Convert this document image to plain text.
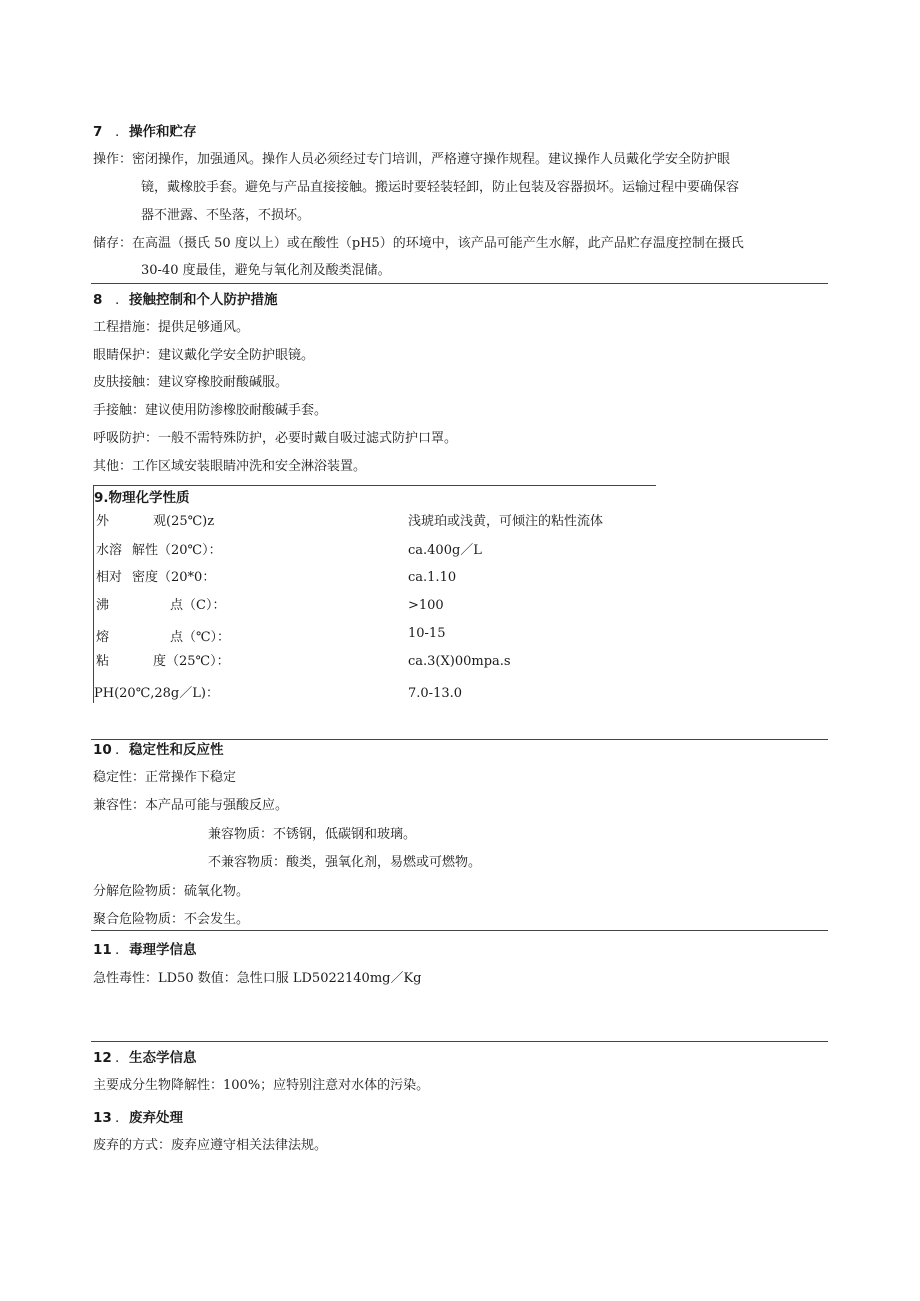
7 . 操作和贮存
操作：密闭操作，加强通风。操作人员必须经过专门培训，严格遵守操作规程。建议操作人员戴化学安全防护眼
镜，戴橡胶手套。避免与产品直接接触。搬运时要轻装轻卸，防止包装及容器损坏。运输过程中要确保容
器不泄露、不坠落，不损坏。
储存：在高温（摄氏 50 度以上）或在酸性（pH5）的环境中，该产品可能产生水解，此产品贮存温度控制在摄氏
30-40 度最佳，避免与氧化剂及酸类混储。
8 . 接触控制和个人防护措施
工程措施：提供足够通风。
眼睛保护：建议戴化学安全防护眼镜。
皮肤接触：建议穿橡胶耐酸碱服。
手接触：建议使用防渗橡胶耐酸碱手套。
呼吸防护：一般不需特殊防护，必要时戴自吸过滤式防护口罩。
其他：工作区域安装眼睛冲洗和安全淋浴装置。
9.物理化学性质
外	观(25℃)z	浅琥珀或浅黄，可倾注的粘性流体
水溶 解性（20℃）：	ca.400g／L
相对 密度（20*0：	ca.1.10
沸	点（C）：	>100
熔	点（℃）：	10-15
粘	度（25℃）：	ca.3(X)00mpa.s
PH(20℃,28g／L)：	7.0-13.0
10 . 稳定性和反应性
稳定性：正常操作下稳定
兼容性：本产品可能与强酸反应。
兼容物质：不锈钢，低碳钢和玻璃。
不兼容物质：酸类，强氧化剂，易燃或可燃物。
分解危险物质：硫氧化物。
聚合危险物质：不会发生。
11 . 毒理学信息
急性毒性：LD50 数值：急性口服 LD5022140mg／Kg
12 . 生态学信息
主要成分生物降解性：100%；应特别注意对水体的污染。
13 . 废弃处理
废弃的方式：废弃应遵守相关法律法规。
